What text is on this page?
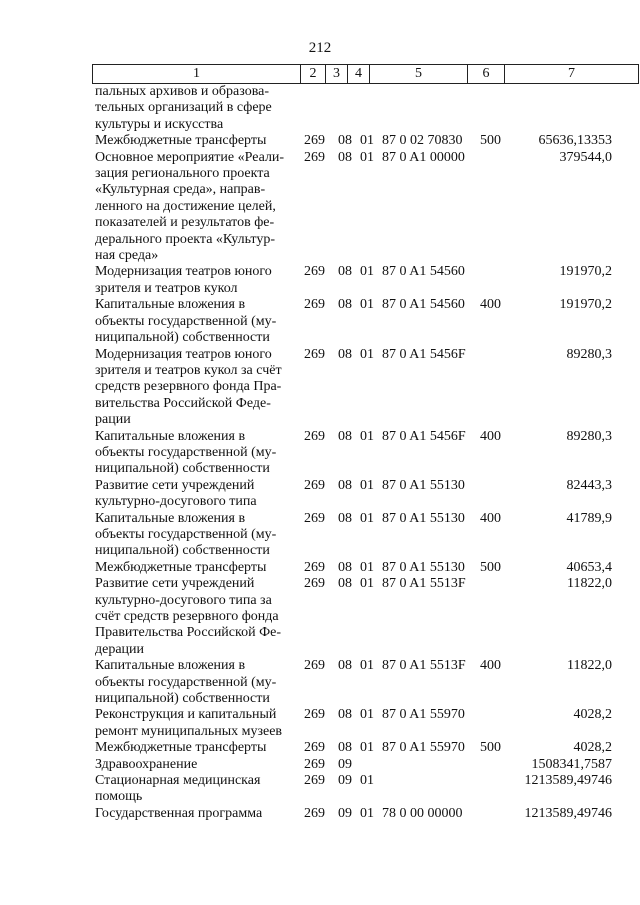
212
1	2	3	4	5	6	7
пальных архивов и образова-
тельных организаций в сфере
культуры и искусства
Межбюджетные трансферты	269 08 01 87 0 02 70830	500	65636,13353
Основное мероприятие «Реали-
зация регионального проекта
«Культурная среда», направ-
ленного на достижение целей,
показателей и результатов фе-
дерального проекта «Культур-
ная среда»
269 08 01 87 0 A1 00000	379544,0
Модернизация театров юного
зрителя и театров кукол
269 08 01 87 0 A1 54560	191970,2
Капитальные вложения в
объекты государственной (му-
ниципальной) собственности
269 08 01 87 0 A1 54560	400	191970,2
Модернизация театров юного
зрителя и театров кукол за счёт
средств резервного фонда Пра-
вительства Российской Феде-
рации
269 08 01 87 0 A1 5456F	89280,3
Капитальные вложения в
объекты государственной (му-
ниципальной) собственности
269 08 01 87 0 A1 5456F	400	89280,3
Развитие сети учреждений
культурно-досугового типа
269 08 01 87 0 A1 55130	82443,3
Капитальные вложения в
объекты государственной (му-
ниципальной) собственности
269 08 01 87 0 A1 55130	400	41789,9
Межбюджетные трансферты	269 08 01 87 0 A1 55130	500	40653,4
Развитие сети учреждений
культурно-досугового типа за
счёт средств резервного фонда
Правительства Российской Фе-
дерации
269 08 01 87 0 A1 5513F	11822,0
Капитальные вложения в
объекты государственной (му-
ниципальной) собственности
269 08 01 87 0 A1 5513F	400	11822,0
Реконструкция и капитальный
ремонт муниципальных музеев
269 08 01 87 0 A1 55970	4028,2
Межбюджетные трансферты	269 08 01 87 0 A1 55970	500	4028,2
Здравоохранение	269 09	1508341,7587
Стационарная медицинская
помощь
269 09 01	1213589,49746
Государственная программа	269 09 01 78 0 00 00000	1213589,49746
